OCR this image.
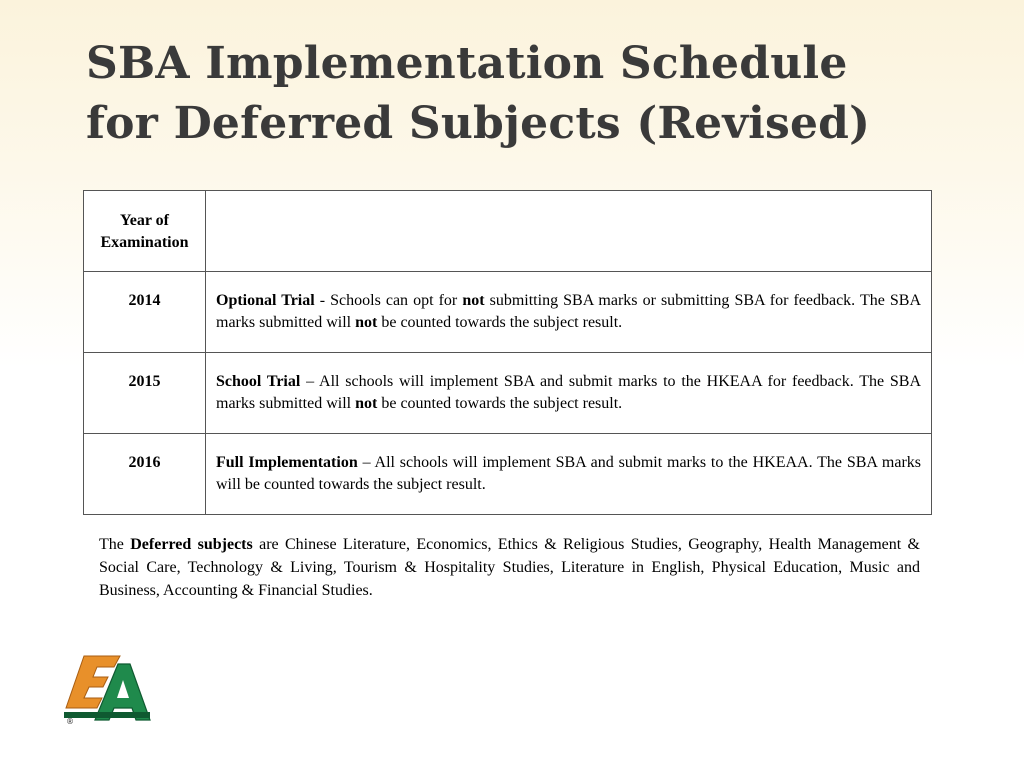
SBA Implementation Schedule
for Deferred Subjects (Revised)
Year of Examination	
2014	Optional Trial - Schools can opt for not submitting SBA marks or submitting SBA for feedback. The SBA marks submitted will not be counted towards the subject result.
2015	School Trial – All schools will implement SBA and submit marks to the HKEAA for feedback. The SBA marks submitted will not be counted towards the subject result.
2016	Full Implementation – All schools will implement SBA and submit marks to the HKEAA. The SBA marks will be counted towards the subject result.

The Deferred subjects are Chinese Literature, Economics, Ethics & Religious Studies, Geography, Health Management & Social Care, Technology & Living, Tourism & Hospitality Studies, Literature in English, Physical Education, Music and Business, Accounting & Financial Studies.

®
